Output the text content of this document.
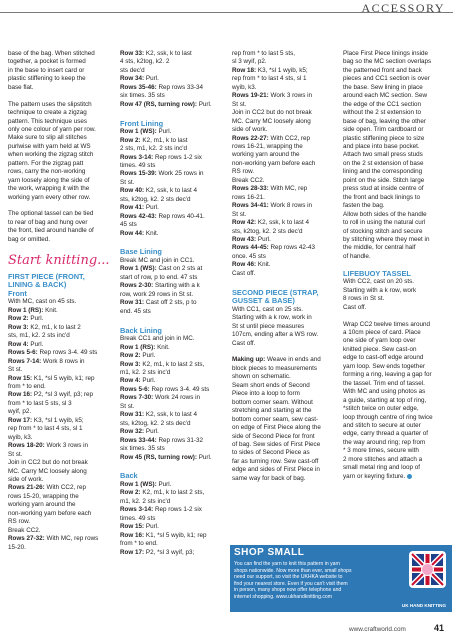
ACCESSORY

base of the bag. When stitched
together, a pocket is formed
in the base to insert card or
plastic stiffening to keep the
base flat.

The pattern uses the slipstitch
technique to create a zigzag
pattern. This technique uses
only one colour of yarn per row.
Make sure to slip all stitches
purlwise with yarn held at WS
when working the zigzag stitch
pattern. For the zigzag patt
rows, carry the non-working
yarn loosely along the side of
the work, wrapping it with the
working yarn every other row.

The optional tassel can be tied
to rear of bag and hung over
the front, tied around handle of
bag or omitted.

Start knitting...
FIRST PIECE (FRONT,
LINING & BACK)
Front
With MC, cast on 45 sts.
Row 1 (RS): Knit.
Row 2: Purl.
Row 3: K2, m1, k to last 2
sts, m1, k2. 2 sts inc'd
Row 4: Purl.
Rows 5-6: Rep rows 3-4. 49 sts
Rows 7-14: Work 8 rows in
St st.
Row 15: K1, *sl 5 wyib, k1; rep
from * to end.
Row 16: P2, *sl 3 wyif, p3; rep
from * to last 5 sts, sl 3
wyif, p2.
Row 17: K3, *sl 1 wyib, k5;
rep from * to last 4 sts, sl 1
wyib, k3.
Rows 18-20: Work 3 rows in
St st.
Join in CC2 but do not break
MC. Carry MC loosely along
side of work.
Rows 21-26: With CC2, rep
rows 15-20, wrapping the
working yarn around the
non-working yarn before each
RS row.
Break CC2.
Rows 27-32: With MC, rep rows
15-20.
Row 33: K2, ssk, k to last
4 sts, k2tog, k2. 2
sts dec'd
Row 34: Purl.
Rows 35-46: Rep rows 33-34
six times. 35 sts
Row 47 (RS, turning row): Purl.
Front Lining
Row 1 (WS): Purl.
Row 2: K2, m1, k to last
2 sts, m1, k2. 2 sts inc'd
Rows 3-14: Rep rows 1-2 six
times. 49 sts
Rows 15-39: Work 25 rows in
St st.
Row 40: K2, ssk, k to last 4
sts, k2tog, k2. 2 sts dec'd
Row 41: Purl.
Rows 42-43: Rep rows 40-41.
45 sts
Row 44: Knit.
Base Lining
Break MC and join in CC1.
Row 1 (WS): Cast on 2 sts at
start of row, p to end. 47 sts
Rows 2-30: Starting with a k
row, work 29 rows in St st.
Row 31: Cast off 2 sts, p to
end. 45 sts
Back Lining
Break CC1 and join in MC.
Row 1 (RS): Knit.
Row 2: Purl.
Row 3: K2, m1, k to last 2 sts,
m1, k2. 2 sts inc'd
Row 4: Purl.
Rows 5-6: Rep rows 3-4. 49 sts
Rows 7-30: Work 24 rows in
St st.
Row 31: K2, ssk, k to last 4
sts, k2tog, k2. 2 sts dec'd
Row 32: Purl.
Rows 33-44: Rep rows 31-32
six times. 35 sts
Row 45 (RS, turning row): Purl.
Back
Row 1 (WS): Purl.
Row 2: K2, m1, k to last 2 sts,
m1, k2. 2 sts inc'd
Rows 3-14: Rep rows 1-2 six
times. 49 sts
Row 15: Purl.
Row 16: K1, *sl 5 wyib, k1; rep
from * to end.
Row 17: P2, *sl 3 wyif, p3;
rep from * to last 5 sts,
sl 3 wyif, p2.
Row 18: K3, *sl 1 wyib, k5;
rep from * to last 4 sts, sl 1
wyib, k3.
Rows 19-21: Work 3 rows in
St st.
Join in CC2 but do not break
MC. Carry MC loosely along
side of work.
Rows 22-27: With CC2, rep
rows 16-21, wrapping the
working yarn around the
non-working yarn before each
RS row.
Break CC2.
Rows 28-33: With MC, rep
rows 16-21.
Rows 34-41: Work 8 rows in
St st.
Row 42: K2, ssk, k to last 4
sts, k2tog, k2. 2 sts dec'd
Row 43: Purl.
Rows 44-45: Rep rows 42-43
once. 45 sts
Row 46: Knit.
Cast off.
SECOND PIECE (STRAP,
GUSSET & BASE)

With CC1, cast on 25 sts.
Starting with a k row, work in
St st until piece measures
107cm, ending after a WS row.
Cast off.

Making up: Weave in ends and
block pieces to measurements
shown on schematic.
Seam short ends of Second
Piece into a loop to form
bottom corner seam. Without
stretching and starting at the
bottom corner seam, sew cast-
on edge of First Piece along the
side of Second Piece for front
of bag. Sew sides of First Piece
to sides of Second Piece as
far as turning row. Sew cast-off
edge and sides of First Piece in
same way for back of bag.

Place First Piece linings inside
bag so the MC section overlaps
the patterned front and back
pieces and CC1 section is over
the base. Sew lining in place
around each MC section. Sew
the edge of the CC1 section
without the 2 st extension to
base of bag, leaving the other
side open. Trim cardboard or
plastic stiffening piece to size
and place into base pocket.
Attach two small press studs
on the 2 st extension of base
lining and the corresponding
point on the side. Stitch large
press stud at inside centre of
the front and back linings to
fasten the bag.
Allow both sides of the handle
to roll in using the natural curl
of stocking stitch and secure
by stitching where they meet in
the middle, for central half
of handle.

LIFEBUOY TASSEL

With CC2, cast on 20 sts.
Starting with a k row, work
8 rows in St st.
Cast off.

Wrap CC2 twelve times around
a 10cm piece of card. Place
one side of yarn loop over
knitted piece. Sew cast-on
edge to cast-off edge around
yarn loop. Sew ends together
forming a ring, leaving a gap for
the tassel. Trim end of tassel.
With MC and using photos as
a guide, starting at top of ring,
*stitch twice on outer edge,
loop through centre of ring twice
and stitch to secure at outer
edge, carry thread a quarter of
the way around ring; rep from
* 3 more times, secure with
2 more stitches and attach a
small metal ring and loop of
yarn or keyring fixture.

SHOP SMALL
You can find the yarn to knit this pattern in yarn
shops nationwide. Now more than ever, small shops
need our support, so visit the UKHKA website to
find your nearest store. Even if you can't visit them
in person, many shops now offer telephone and
internet shopping. www.ukhandknitting.com
UK HAND KNITTING
www.craftworld.com	41
